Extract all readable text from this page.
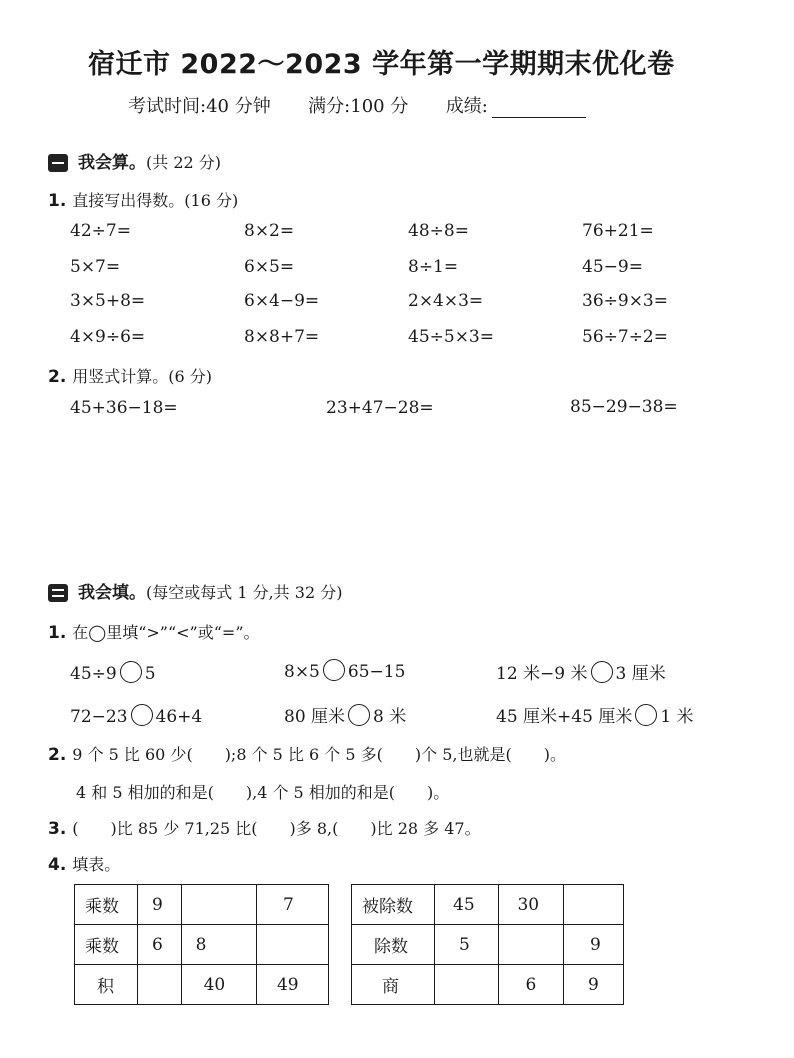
宿迁市 2022～2023 学年第一学期期末优化卷
考试时间:40 分钟 满分:100 分 成绩:
我会算。(共 22 分)
1. 直接写出得数。(16 分)
42÷7=	8×2=	48÷8=	76+21=
5×7=	6×5=	8÷1=	45−9=
3×5+8=	6×4−9=	2×4×3=	36÷9×3=
4×9÷6=	8×8+7=	45÷5×3=	56÷7÷2=
2. 用竖式计算。(6 分)
45+36−18=	23+47−28=	85−29−38=
我会填。(每空或每式 1 分,共 32 分)
1. 在◯里填“>”“<”或“=”。
45÷9 5	8×5 65−15	12 米−9 米 3 厘米
72−23 46+4	80 厘米 8 米	45 厘米+45 厘米 1 米
2. 9 个 5 比 60 少(　　);8 个 5 比 6 个 5 多(　　)个 5,也就是(　　)。
4 和 5 相加的和是(　　),4 个 5 相加的和是(　　)。
3. (　　)比 85 少 71,25 比(　　)多 8,(　　)比 28 多 47。
4. 填表。
乘数	9		7
乘数	6	8	
积		40	49
被除数	45	30	
除数	5		9
商		6	9
